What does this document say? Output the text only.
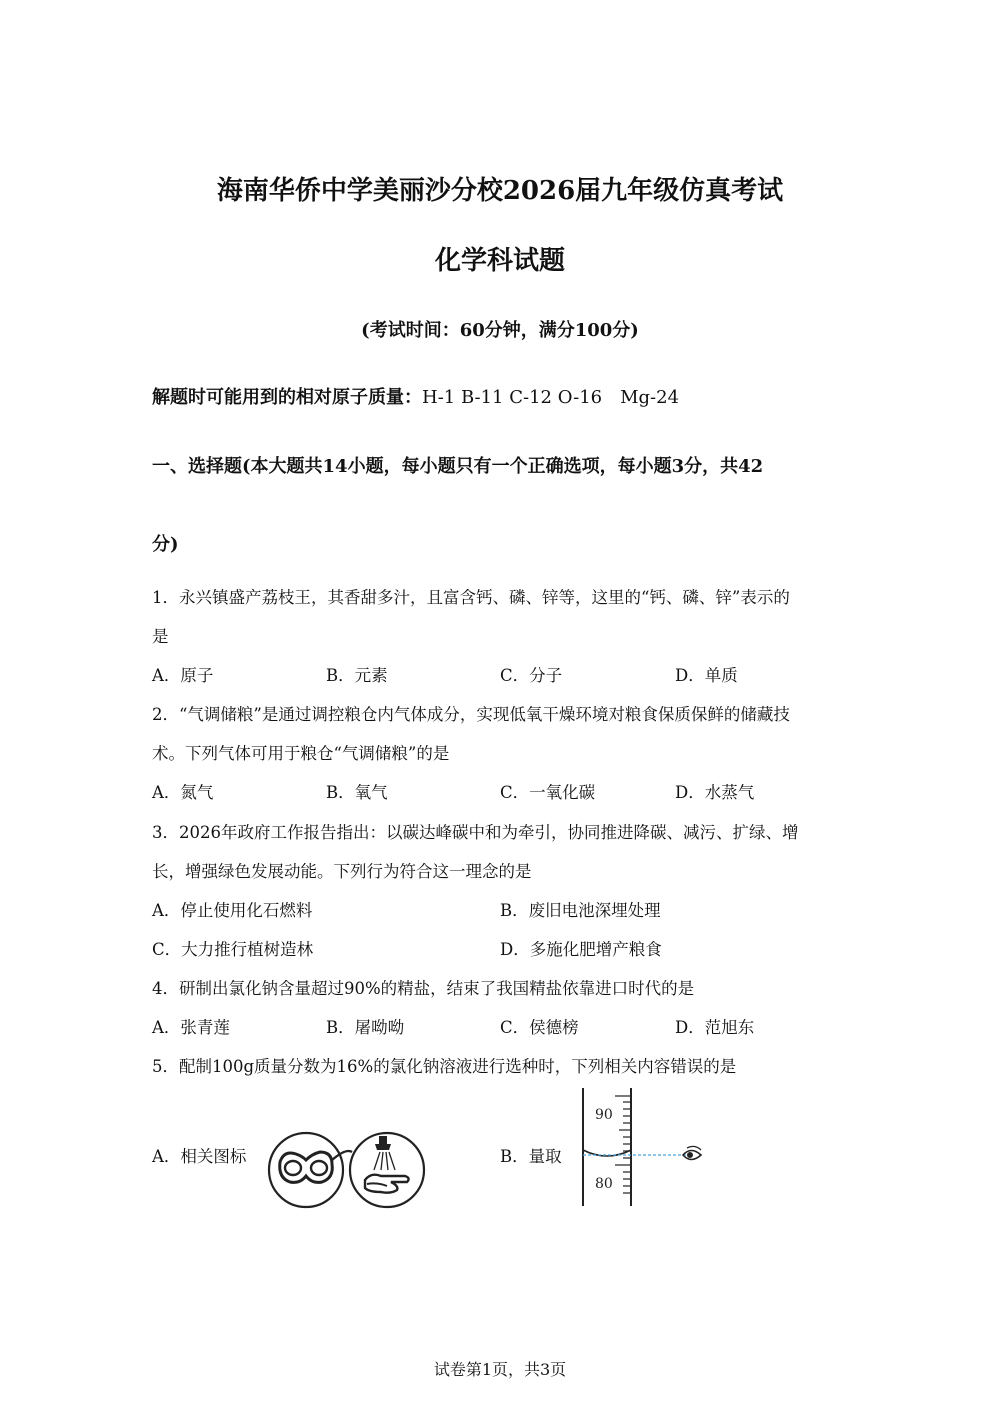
海南华侨中学美丽沙分校2026届九年级仿真考试
化学科试题
(考试时间：60分钟，满分100分)
解题时可能用到的相对原子质量：H-1 B-11 C-12 O-16　Mg-24
一、选择题(本大题共14小题，每小题只有一个正确选项，每小题3分，共42
分)
1．永兴镇盛产荔枝王，其香甜多汁，且富含钙、磷、锌等，这里的“钙、磷、锌”表示的
是
A．原子	B．元素	C．分子	D．单质
2．“气调储粮”是通过调控粮仓内气体成分，实现低氧干燥环境对粮食保质保鲜的储藏技
术。下列气体可用于粮仓“气调储粮”的是
A．氮气	B．氧气	C．一氧化碳	D．水蒸气
3．2026年政府工作报告指出：以碳达峰碳中和为牵引，协同推进降碳、减污、扩绿、增
长，增强绿色发展动能。下列行为符合这一理念的是
A．停止使用化石燃料	B．废旧电池深埋处理
C．大力推行植树造林	D．多施化肥增产粮食
4．研制出氯化钠含量超过90%的精盐，结束了我国精盐依靠进口时代的是
A．张青莲	B．屠呦呦	C．侯德榜	D．范旭东
5．配制100g质量分数为16%的氯化钠溶液进行选种时，下列相关内容错误的是
A．相关图标	B．量取
90
80
试卷第1页，共3页
